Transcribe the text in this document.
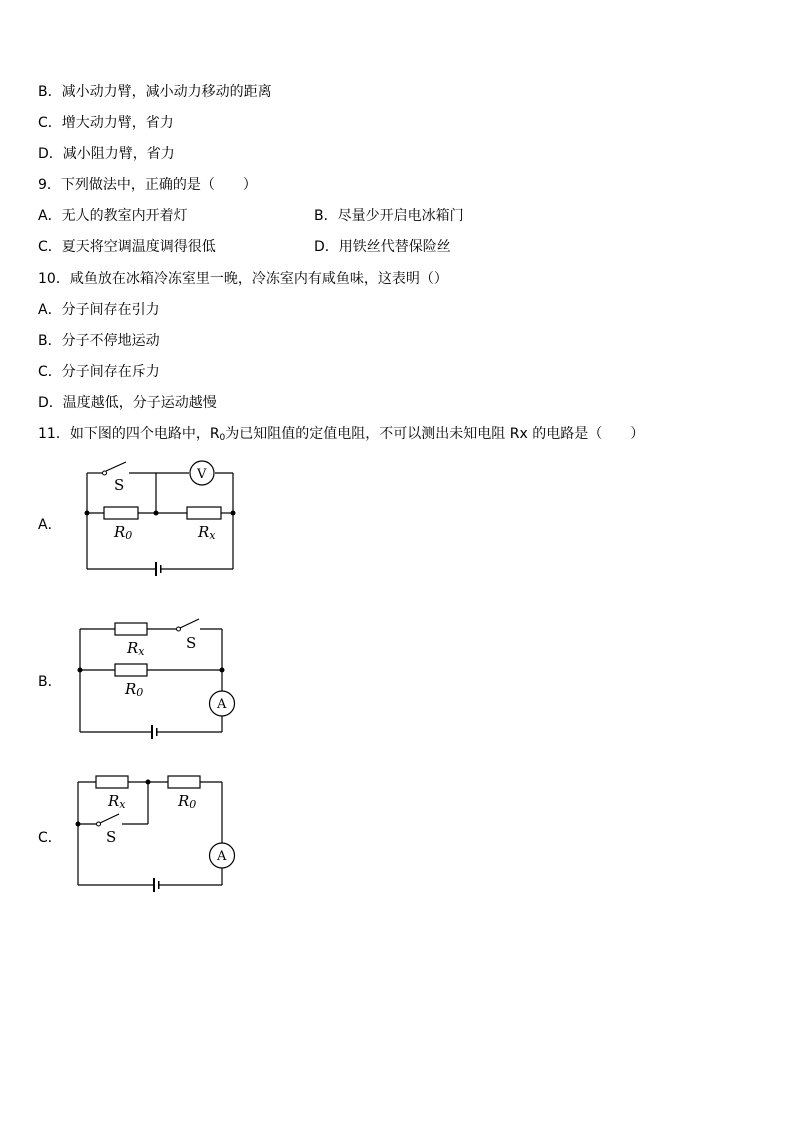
B．减小动力臂，减小动力移动的距离
C．增大动力臂，省力
D．减小阻力臂，省力
9．下列做法中，正确的是（　　）
A．无人的教室内开着灯	B．尽量少开启电冰箱门
C．夏天将空调温度调得很低	D．用铁丝代替保险丝
10．咸鱼放在冰箱冷冻室里一晚，冷冻室内有咸鱼味，这表明（）
A．分子间存在引力
B．分子不停地运动
C．分子间存在斥力
D．温度越低，分子运动越慢
11．如下图的四个电路中，$R_0$为已知阻值的定值电阻，不可以测出未知电阻 Rx 的电路是（　　）
A．
S
V
R0	Rx
B．
S
Rx
R0
A
C．
Rx	R0
S
A
